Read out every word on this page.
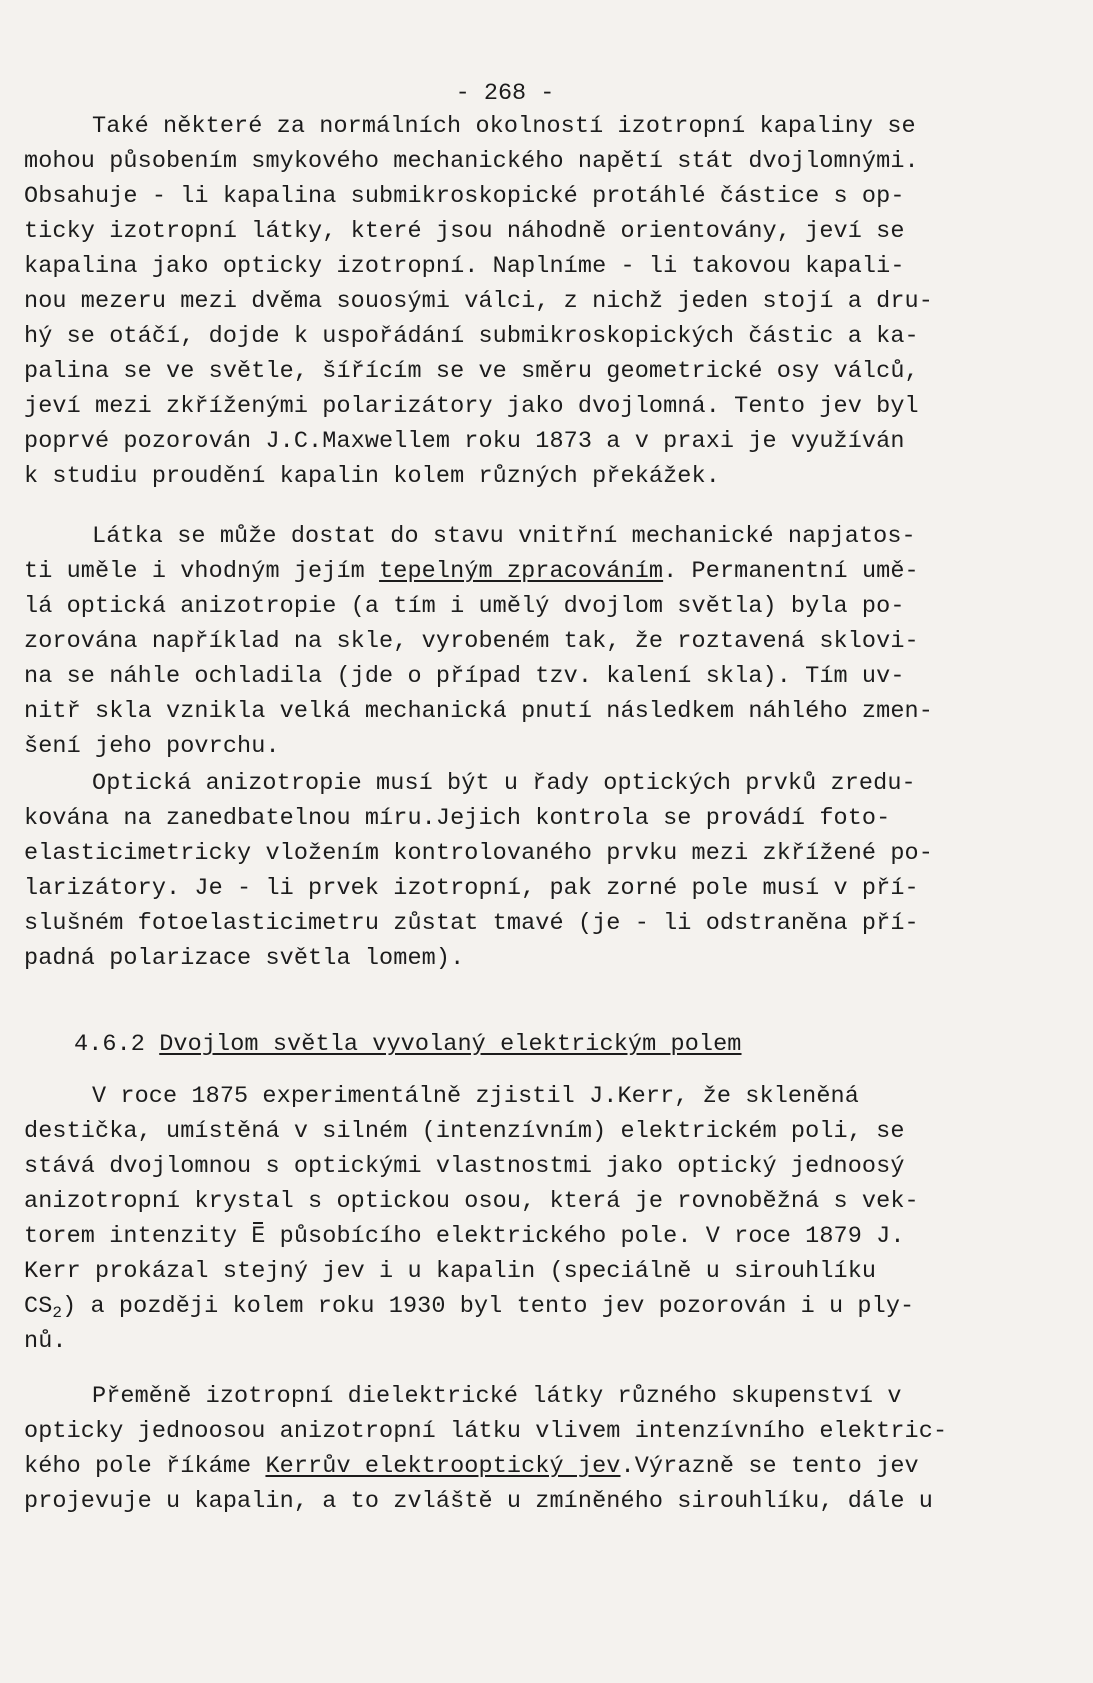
- 268 -
Také některé za normálních okolností izotropní kapaliny se
mohou působením smykového mechanického napětí stát dvojlomnými.
Obsahuje - li kapalina submikroskopické protáhlé částice s op-
ticky izotropní látky, které jsou náhodně orientovány, jeví se
kapalina jako opticky izotropní. Naplníme - li takovou kapali-
nou mezeru mezi dvěma souosými válci, z nichž jeden stojí a dru-
hý se otáčí, dojde k uspořádání submikroskopických částic a ka-
palina se ve světle, šířícím se ve směru geometrické osy válců,
jeví mezi zkříženými polarizátory jako dvojlomná. Tento jev byl
poprvé pozorován J.C.Maxwellem roku 1873 a v praxi je využíván
k studiu proudění kapalin kolem různých překážek.
Látka se může dostat do stavu vnitřní mechanické napjatos-
ti uměle i vhodným jejím tepelným zpracováním. Permanentní umě-
lá optická anizotropie (a tím i umělý dvojlom světla) byla po-
zorována například na skle, vyrobeném tak, že roztavená sklovi-
na se náhle ochladila (jde o případ tzv. kalení skla). Tím uv-
nitř skla vznikla velká mechanická pnutí následkem náhlého zmen-
šení jeho povrchu.
Optická anizotropie musí být u řady optických prvků zredu-
kována na zanedbatelnou míru.Jejich kontrola se provádí foto-
elasticimetricky vložením kontrolovaného prvku mezi zkřížené po-
larizátory. Je - li prvek izotropní, pak zorné pole musí v pří-
slušném fotoelasticimetru zůstat tmavé (je - li odstraněna pří-
padná polarizace světla lomem).
4.6.2 Dvojlom světla vyvolaný elektrickým polem
V roce 1875 experimentálně zjistil J.Kerr, že skleněná
destička, umístěná v silném (intenzívním) elektrickém poli, se
stává dvojlomnou s optickými vlastnostmi jako optický jednoosý
anizotropní krystal s optickou osou, která je rovnoběžná s vek-
torem intenzity E působícího elektrického pole. V roce 1879 J.
Kerr prokázal stejný jev i u kapalin (speciálně u sirouhlíku
$CS_2$) a později kolem roku 1930 byl tento jev pozorován i u ply-
nů.
Přeměně izotropní dielektrické látky různého skupenství v
opticky jednoosou anizotropní látku vlivem intenzívního elektric-
kého pole říkáme Kerrův elektrooptický jev.Výrazně se tento jev
projevuje u kapalin, a to zvláště u zmíněného sirouhlíku, dále u
